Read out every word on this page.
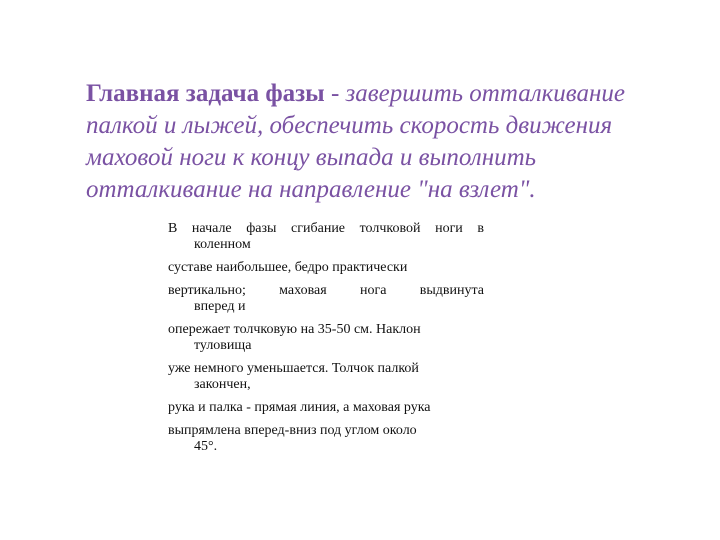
Главная задача фазы - завершить отталкивание палкой и лыжей, обеспечить скорость движения маховой ноги к концу выпада и выполнить отталкивание на направление "на взлет".

В начале фазы сгибание толчковой ноги в
коленном

суставе наибольшее, бедро практически

вертикально; маховая нога выдвинута
вперед и

опережает толчковую на 35-50 см. Наклон
туловища

уже немного уменьшается. Толчок палкой
закончен,

рука и палка - прямая линия, а маховая рука

выпрямлена вперед-вниз под углом около
45°.
